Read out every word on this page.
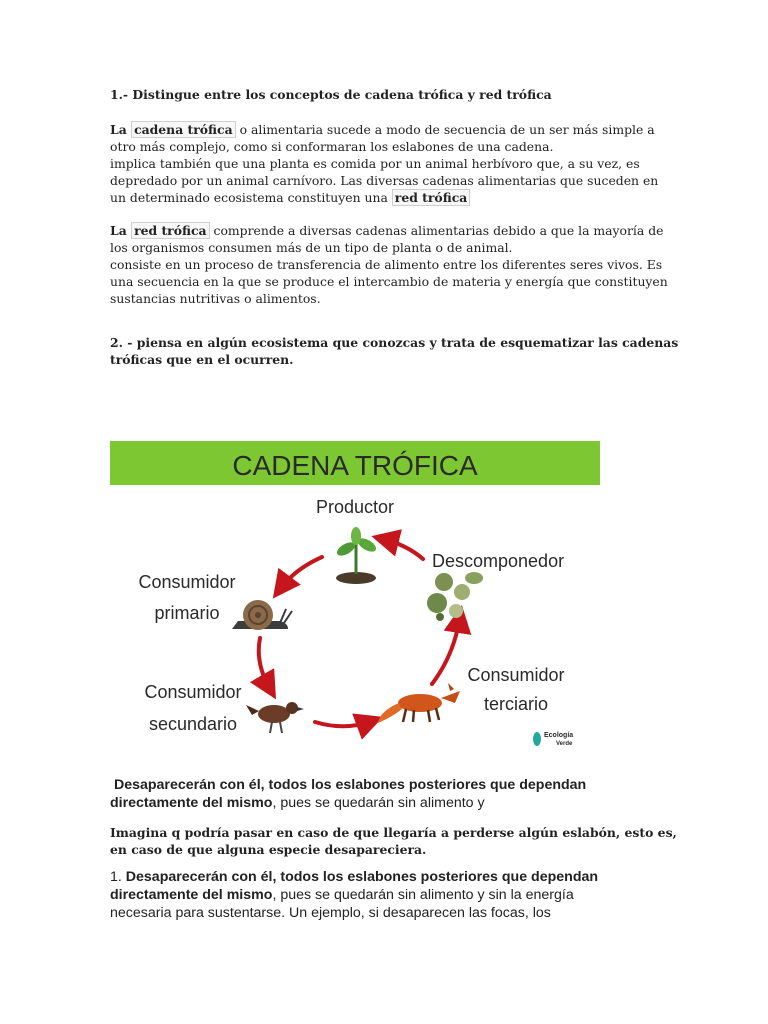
1.- Distingue entre los conceptos de cadena trófica y red trófica
La cadena trófica o alimentaria sucede a modo de secuencia de un ser más simple a
otro más complejo, como si conformaran los eslabones de una cadena.
implica también que una planta es comida por un animal herbívoro que, a su vez, es
depredado por un animal carnívoro. Las diversas cadenas alimentarias que suceden en
un determinado ecosistema constituyen una red trófica
La red trófica comprende a diversas cadenas alimentarias debido a que la mayoría de
los organismos consumen más de un tipo de planta o de animal.
consiste en un proceso de transferencia de alimento entre los diferentes seres vivos. Es
una secuencia en la que se produce el intercambio de materia y energía que constituyen
sustancias nutritivas o alimentos.
2. - piensa en algún ecosistema que conozcas y trata de esquematizar las cadenas
tróficas que en el ocurren.
CADENA TRÓFICA
Productor
Descomponedor
Consumidor
primario
Consumidor
secundario
Consumidor
terciario
Ecología
Verde
Desaparecerán con él, todos los eslabones posteriores que dependan
directamente del mismo, pues se quedarán sin alimento y
Imagina q podría pasar en caso de que llegaría a perderse algún eslabón, esto es,
en caso de que alguna especie desapareciera.
1. Desaparecerán con él, todos los eslabones posteriores que dependan
directamente del mismo, pues se quedarán sin alimento y sin la energía
necesaria para sustentarse. Un ejemplo, si desaparecen las focas, los
